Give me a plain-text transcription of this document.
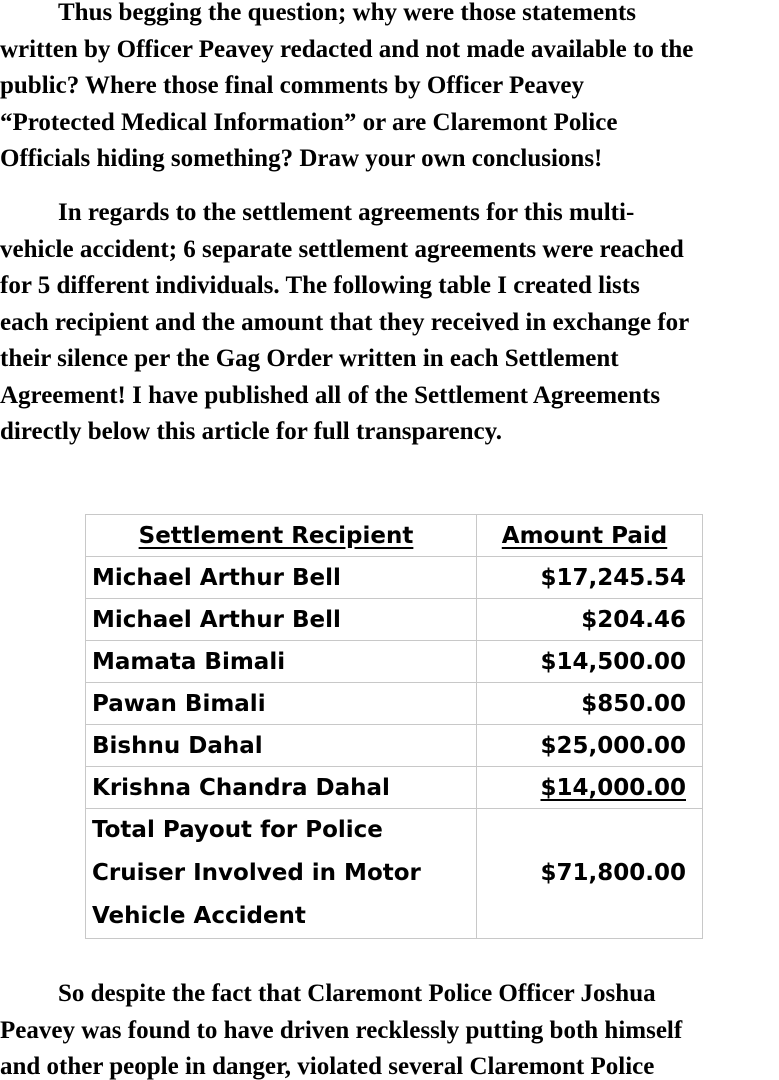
Thus begging the question; why were those statements
written by Officer Peavey redacted and not made available to the
public? Where those final comments by Officer Peavey
“Protected Medical Information” or are Claremont Police
Officials hiding something? Draw your own conclusions!

In regards to the settlement agreements for this multi-
vehicle accident; 6 separate settlement agreements were reached
for 5 different individuals. The following table I created lists
each recipient and the amount that they received in exchange for
their silence per the Gag Order written in each Settlement
Agreement! I have published all of the Settlement Agreements
directly below this article for full transparency.

Settlement Recipient	Amount Paid
Michael Arthur Bell	$17,245.54
Michael Arthur Bell	$204.46
Mamata Bimali	$14,500.00
Pawan Bimali	$850.00
Bishnu Dahal	$25,000.00
Krishna Chandra Dahal	$14,000.00

Total Payout for Police
Cruiser Involved in Motor
Vehicle Accident	$71,800.00

So despite the fact that Claremont Police Officer Joshua
Peavey was found to have driven recklessly putting both himself
and other people in danger, violated several Claremont Police
